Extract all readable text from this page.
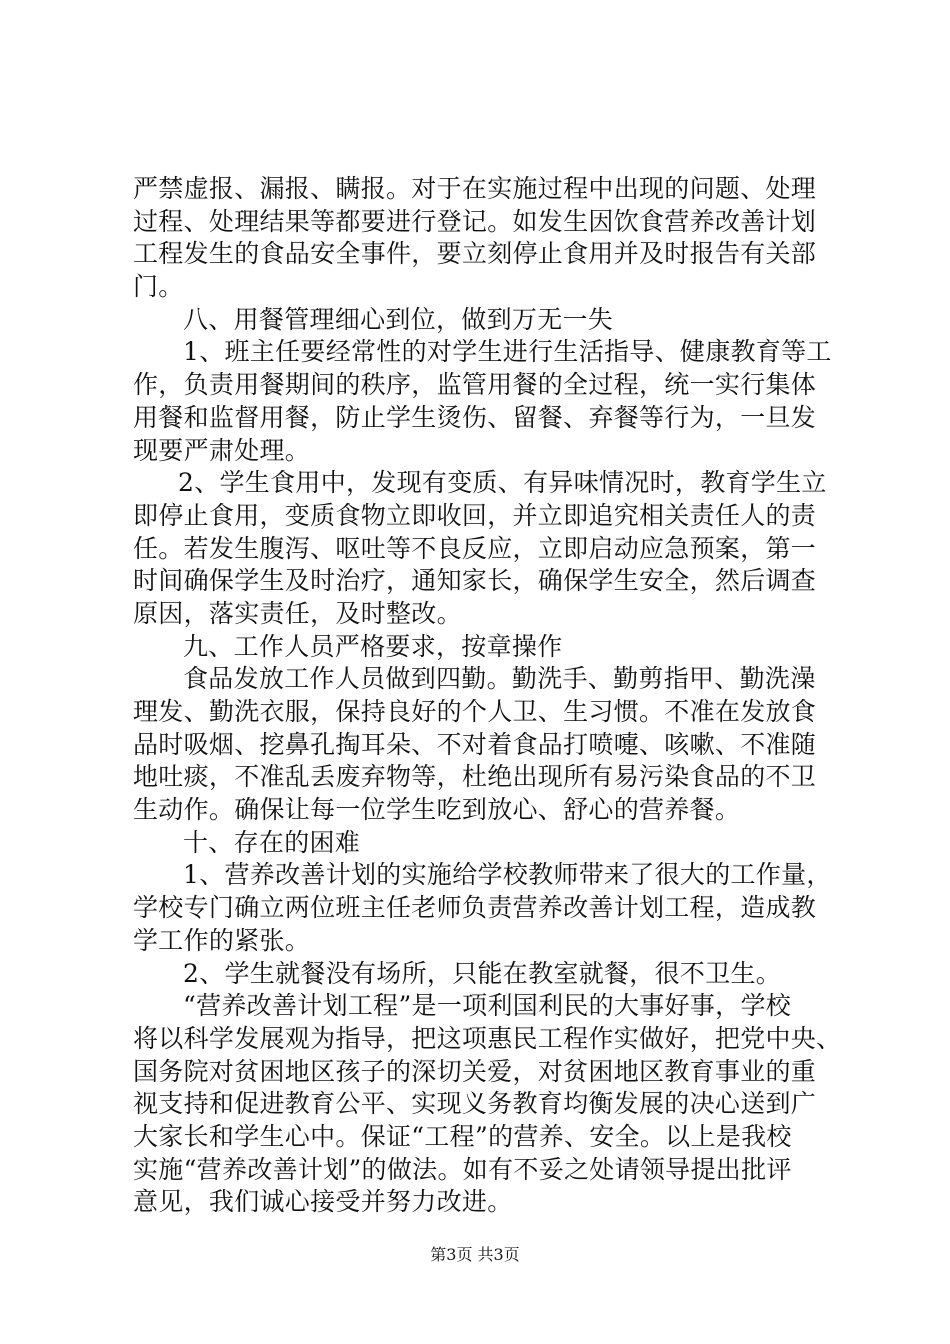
严禁虚报、漏报、瞒报。对于在实施过程中出现的问题、处理
过程、处理结果等都要进行登记。如发生因饮食营养改善计划
工程发生的食品安全事件，要立刻停止食用并及时报告有关部
门。
八、用餐管理细心到位，做到万无一失
1、班主任要经常性的对学生进行生活指导、健康教育等工
作，负责用餐期间的秩序，监管用餐的全过程，统一实行集体
用餐和监督用餐，防止学生烫伤、留餐、弃餐等行为，一旦发
现要严肃处理。
2、学生食用中，发现有变质、有异味情况时，教育学生立
即停止食用，变质食物立即收回，并立即追究相关责任人的责
任。若发生腹泻、呕吐等不良反应，立即启动应急预案，第一
时间确保学生及时治疗，通知家长，确保学生安全，然后调查
原因，落实责任，及时整改。
九、工作人员严格要求，按章操作
食品发放工作人员做到四勤。勤洗手、勤剪指甲、勤洗澡
理发、勤洗衣服，保持良好的个人卫、生习惯。不准在发放食
品时吸烟、挖鼻孔掏耳朵、不对着食品打喷嚏、咳嗽、不准随
地吐痰，不准乱丢废弃物等，杜绝出现所有易污染食品的不卫
生动作。确保让每一位学生吃到放心、舒心的营养餐。
十、存在的困难
1、营养改善计划的实施给学校教师带来了很大的工作量，
学校专门确立两位班主任老师负责营养改善计划工程，造成教
学工作的紧张。
2、学生就餐没有场所，只能在教室就餐，很不卫生。
“营养改善计划工程”是一项利国利民的大事好事，学校
将以科学发展观为指导，把这项惠民工程作实做好，把党中央、
国务院对贫困地区孩子的深切关爱，对贫困地区教育事业的重
视支持和促进教育公平、实现义务教育均衡发展的决心送到广
大家长和学生心中。保证“工程”的营养、安全。以上是我校
实施“营养改善计划”的做法。如有不妥之处请领导提出批评
意见，我们诚心接受并努力改进。
第3页 共3页
